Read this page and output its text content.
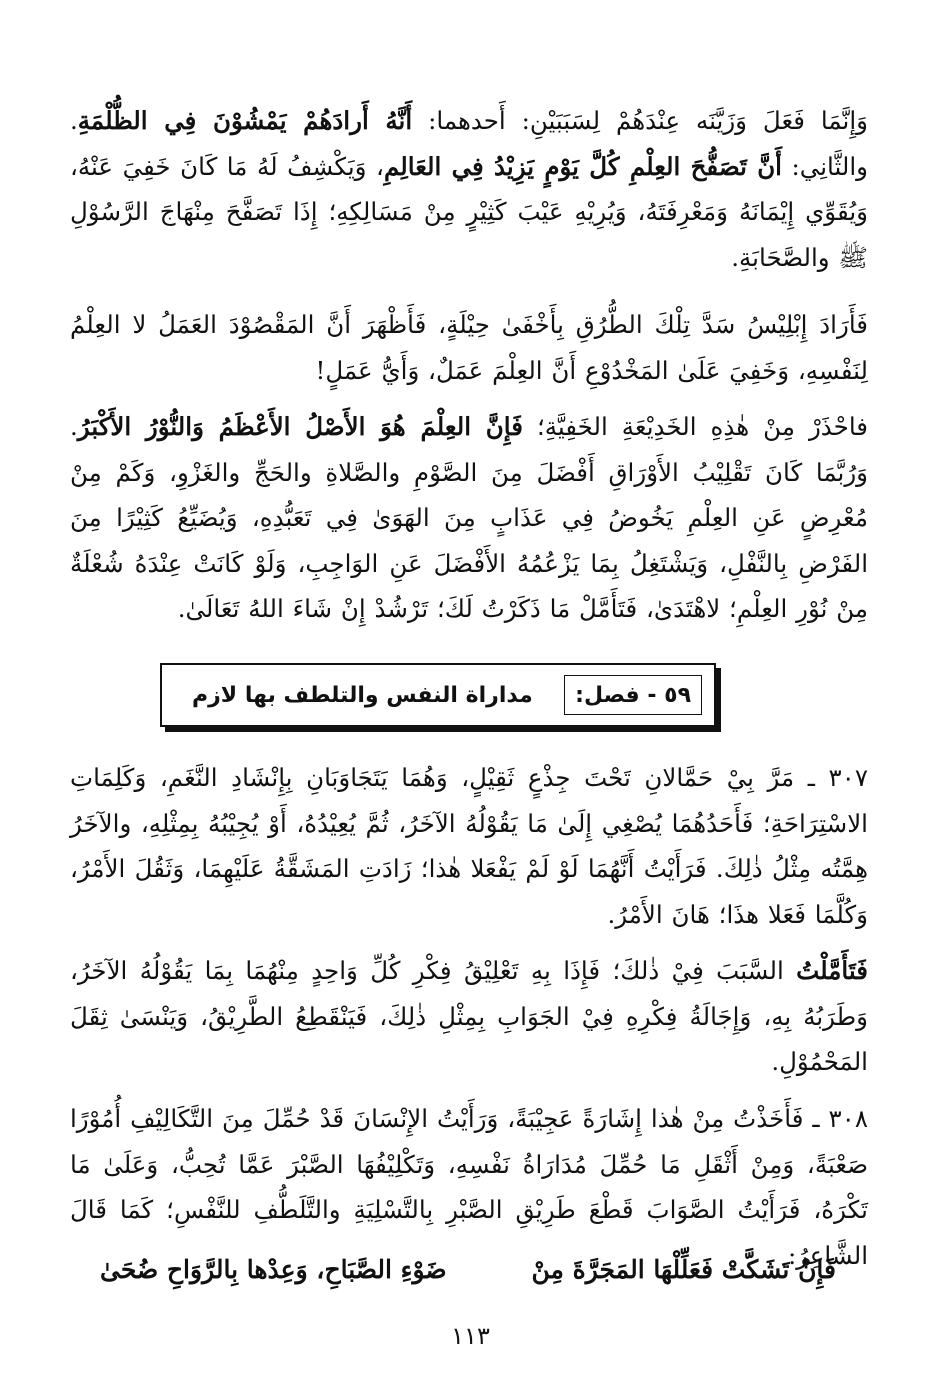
وَإِنَّمَا فَعَلَ وَزَيَّنَه عِنْدَهُمْ لِسَبَبَيْنِ: أَحدهما: أَنَّهُ أَرادَهُمْ يَمْشُوْنَ فِي الظُّلْمَةِ. والثَّانِي: أَنَّ تَصَفُّحَ العِلْمِ كُلَّ يَوْمٍ يَزِيْدُ فِي العَالِمِ، وَيَكْشِفُ لَهُ مَا كَانَ خَفِيَ عَنْهُ، وَيُقَوِّي إِيْمَانَهُ وَمَعْرِفَتَهُ، وَيُرِيْهِ عَيْبَ كَثِيْرٍ مِنْ مَسَالِكِهِ؛ إِذَا تَصَفَّحَ مِنْهَاجَ الرَّسُوْلِ ﷺ والصَّحَابَةِ.

فَأَرَادَ إِبْلِيْسُ سَدَّ تِلْكَ الطُّرُقِ بِأَخْفَىٰ حِيْلَةٍ، فَأَظْهَرَ أَنَّ المَقْصُوْدَ العَمَلُ لا العِلْمُ لِنَفْسِهِ، وَخَفِيَ عَلَىٰ المَخْدُوْعِ أَنَّ العِلْمَ عَمَلٌ، وَأَيُّ عَمَلٍ!

فاحْذَرْ مِنْ هٰذِهِ الخَدِيْعَةِ الخَفِيَّةِ؛ فَإِنَّ العِلْمَ هُوَ الأَصْلُ الأَعْظَمُ وَالنُّوْرُ الأَكْبَرُ. وَرُبَّمَا كَانَ تَقْلِيْبُ الأَوْرَاقِ أَفْضَلَ مِنَ الصَّوْمِ والصَّلاةِ والحَجِّ والغَزْوِ، وَكَمْ مِنْ مُعْرِضٍ عَنِ العِلْمِ يَخُوضُ فِي عَذَابٍ مِنَ الهَوَىٰ فِي تَعَبُّدِهِ، وَيُضَيِّعُ كَثِيْرًا مِنَ الفَرْضِ بِالنَّفْلِ، وَيَشْتَغِلُ بِمَا يَزْعُمُهُ الأَفْضَلَ عَنِ الوَاجِبِ، وَلَوْ كَانَتْ عِنْدَهُ شُعْلَةٌ مِنْ نُوْرِ العِلْمِ؛ لاهْتَدَىٰ، فَتَأَمَّلْ مَا ذَكَرْتُ لَكَ؛ تَرْشُدْ إِنْ شَاءَ اللهُ تَعَالَىٰ.

٥٩ - فصل:
مداراة النفس والتلطف بها لازم

٣٠٧ ـ مَرَّ بِيْ حَمَّالانِ تَحْتَ جِذْعٍ ثَقِيْلٍ، وَهُمَا يَتَجَاوَبَانِ بِإِنْشَادِ النَّغَمِ، وَكَلِمَاتِ الاسْتِرَاحَةِ؛ فَأَحَدُهُمَا يُصْغِي إِلَىٰ مَا يَقُوْلُهُ الآخَرُ، ثُمَّ يُعِيْدُهُ، أَوْ يُجِيْبُهُ بِمِثْلِهِ، والآخَرُ هِمَّتُه مِثْلُ ذٰلِكَ. فَرَأَيْتُ أَنَّهُمَا لَوْ لَمْ يَفْعَلا هٰذا؛ زَادَتِ المَشَقَّةُ عَلَيْهِمَا، وَثَقُلَ الأَمْرُ، وَكُلَّمَا فَعَلا هذَا؛ هَانَ الأَمْرُ.

فَتَأَمَّلْتُ السَّبَبَ فِيْ ذٰلكَ؛ فَإِذَا بِهِ تَعْلِيْقُ فِكْرِ كُلِّ وَاحِدٍ مِنْهُمَا بِمَا يَقُوْلُهُ الآخَرُ، وَطَرَبُهُ بِهِ، وَإِجَالَةُ فِكْرِهِ فِيْ الجَوَابِ بِمِثْلِ ذٰلِكَ، فَيَنْقَطِعُ الطَّرِيْقُ، وَيَنْسَىٰ ثِقَلَ المَحْمُوْلِ.

٣٠٨ ـ فَأَخَذْتُ مِنْ هٰذا إِشَارَةً عَجِيْبَةً، وَرَأَيْتُ الإِنْسَانَ قَدْ حُمِّلَ مِنَ التَّكَالِيْفِ أُمُوْرًا صَعْبَةً، وَمِنْ أَثْقَلِ مَا حُمِّلَ مُدَارَاةُ نَفْسِهِ، وَتَكْلِيْفُهَا الصَّبْرَ عَمَّا تُحِبُّ، وَعَلَىٰ مَا تَكْرَهُ، فَرَأَيْتُ الصَّوَابَ قَطْعَ طَرِيْقِ الصَّبْرِ بِالتَّسْلِيَةِ والتَّلَطُّفِ للنَّفْسِ؛ كَمَا قَالَ الشَّاعِرُ:

فَإِنْ تَشَكَّتْ فَعَلِّلْهَا المَجَرَّةَ مِنْ
ضَوْءِ الصَّبَاحِ، وَعِدْها بِالرَّوَاحِ ضُحَىٰ
١١٣
